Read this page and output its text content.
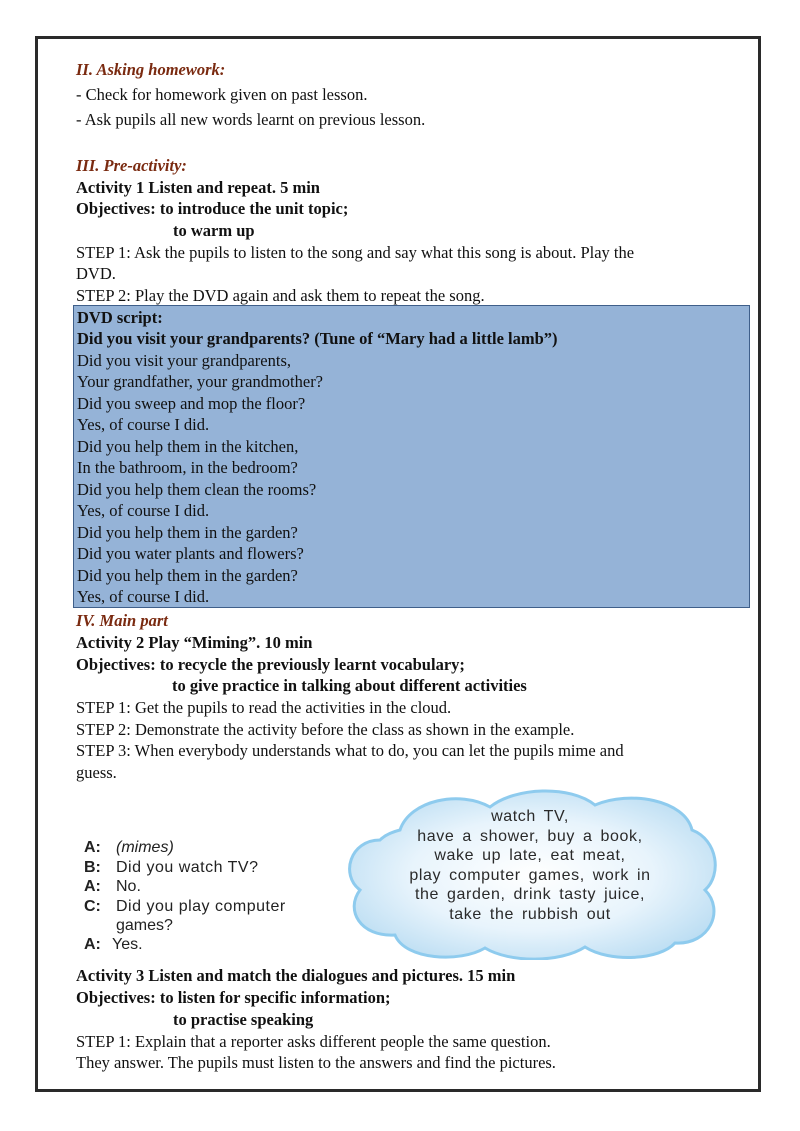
II. Asking homework:
- Check for homework given on past lesson.
- Ask pupils all new words learnt on previous lesson.
III. Pre-activity:
Activity 1 Listen and repeat. 5 min
Objectives: to introduce the unit topic;
to warm up
STEP 1: Ask the pupils to listen to the song and say what this song is about. Play the
DVD.
STEP 2: Play the DVD again and ask them to repeat the song.
DVD script:
Did you visit your grandparents? (Tune of “Mary had a little lamb”)
Did you visit your grandparents,
Your grandfather, your grandmother?
Did you sweep and mop the floor?
Yes, of course I did.
Did you help them in the kitchen,
In the bathroom, in the bedroom?
Did you help them clean the rooms?
Yes, of course I did.
Did you help them in the garden?
Did you water plants and flowers?
Did you help them in the garden?
Yes, of course I did.
IV. Main part
Activity 2 Play “Miming”. 10 min
Objectives: to recycle the previously learnt vocabulary;
to give practice in talking about different activities
STEP 1: Get the pupils to read the activities in the cloud.
STEP 2: Demonstrate the activity before the class as shown in the example.
STEP 3: When everybody understands what to do, you can let the pupils mime and
guess.
A: (mimes)
B: Did you watch TV?
A: No.
C: Did you play computer
games?
A: Yes.
watch TV,
have a shower, buy a book,
wake up late, eat meat,
play computer games, work in
the garden, drink tasty juice,
take the rubbish out
Activity 3 Listen and match the dialogues and pictures. 15 min
Objectives: to listen for specific information;
to practise speaking
STEP 1: Explain that a reporter asks different people the same question.
They answer. The pupils must listen to the answers and find the pictures.
